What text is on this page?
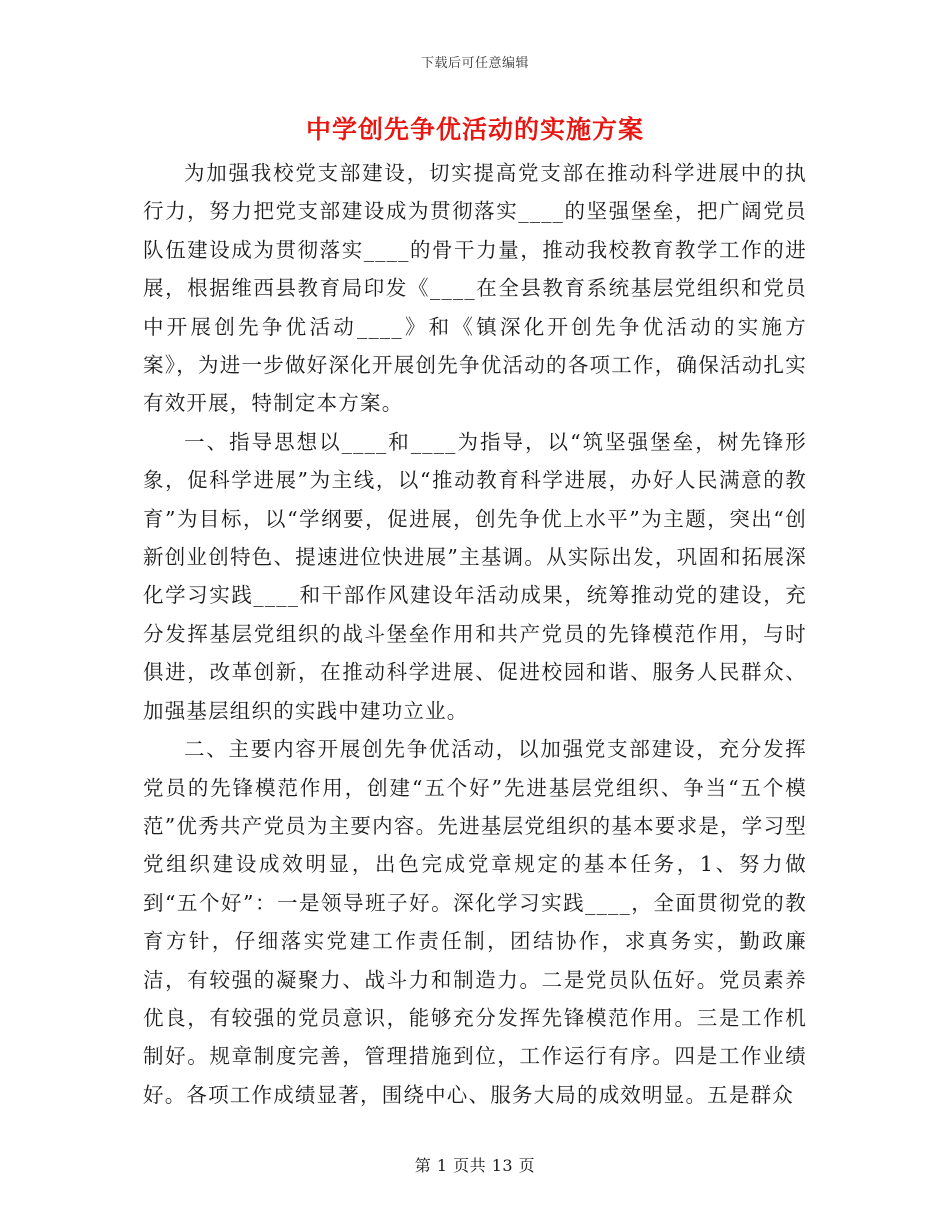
下载后可任意编辑
中学创先争优活动的实施方案

为加强我校党支部建设，切实提高党支部在推动科学进展中的执行力，努力把党支部建设成为贯彻落实____的坚强堡垒，把广阔党员队伍建设成为贯彻落实____的骨干力量，推动我校教育教学工作的进展，根据维西县教育局印发《____在全县教育系统基层党组织和党员中开展创先争优活动____》和《镇深化开创先争优活动的实施方案》，为进一步做好深化开展创先争优活动的各项工作，确保活动扎实有效开展，特制定本方案。

一、指导思想以____和____为指导，以“筑坚强堡垒，树先锋形象，促科学进展”为主线，以“推动教育科学进展，办好人民满意的教育”为目标，以“学纲要，促进展，创先争优上水平”为主题，突出“创新创业创特色、提速进位快进展”主基调。从实际出发，巩固和拓展深化学习实践____和干部作风建设年活动成果，统筹推动党的建设，充分发挥基层党组织的战斗堡垒作用和共产党员的先锋模范作用，与时俱进，改革创新，在推动科学进展、促进校园和谐、服务人民群众、加强基层组织的实践中建功立业。

二、主要内容开展创先争优活动，以加强党支部建设，充分发挥党员的先锋模范作用，创建“五个好”先进基层党组织、争当“五个模范”优秀共产党员为主要内容。先进基层党组织的基本要求是，学习型党组织建设成效明显，出色完成党章规定的基本任务，1、努力做到“五个好”：一是领导班子好。深化学习实践____，全面贯彻党的教育方针，仔细落实党建工作责任制，团结协作，求真务实，勤政廉洁，有较强的凝聚力、战斗力和制造力。二是党员队伍好。党员素养优良，有较强的党员意识，能够充分发挥先锋模范作用。三是工作机制好。规章制度完善，管理措施到位，工作运行有序。四是工作业绩好。各项工作成绩显著，围绕中心、服务大局的成效明显。五是群众

第 1 页共 13 页
